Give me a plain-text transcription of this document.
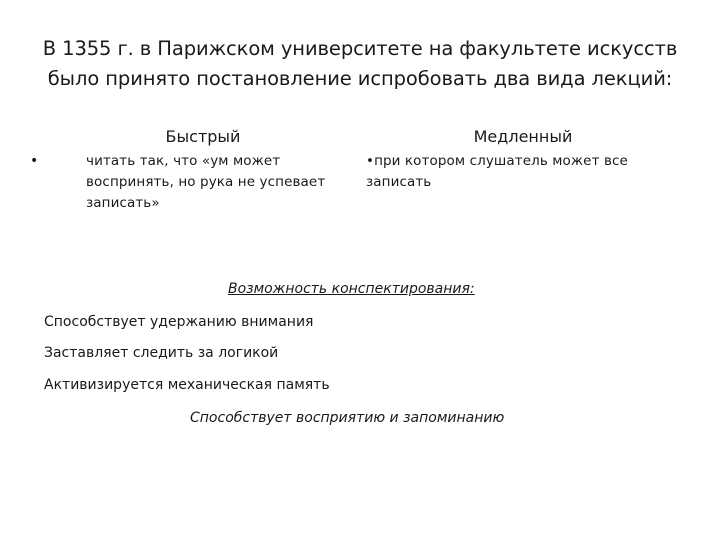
В 1355 г. в Парижском университете на факультете искусств было принято постановление испробовать два вида лекций:
Быстрый	Медленный
•	читать так, что «ум может воспринять, но рука не успевает записать»
•при котором слушатель может все записать
Возможность конспектирования:
Способствует удержанию внимания
Заставляет следить за логикой
Активизируется механическая память
Способствует восприятию и запоминанию
